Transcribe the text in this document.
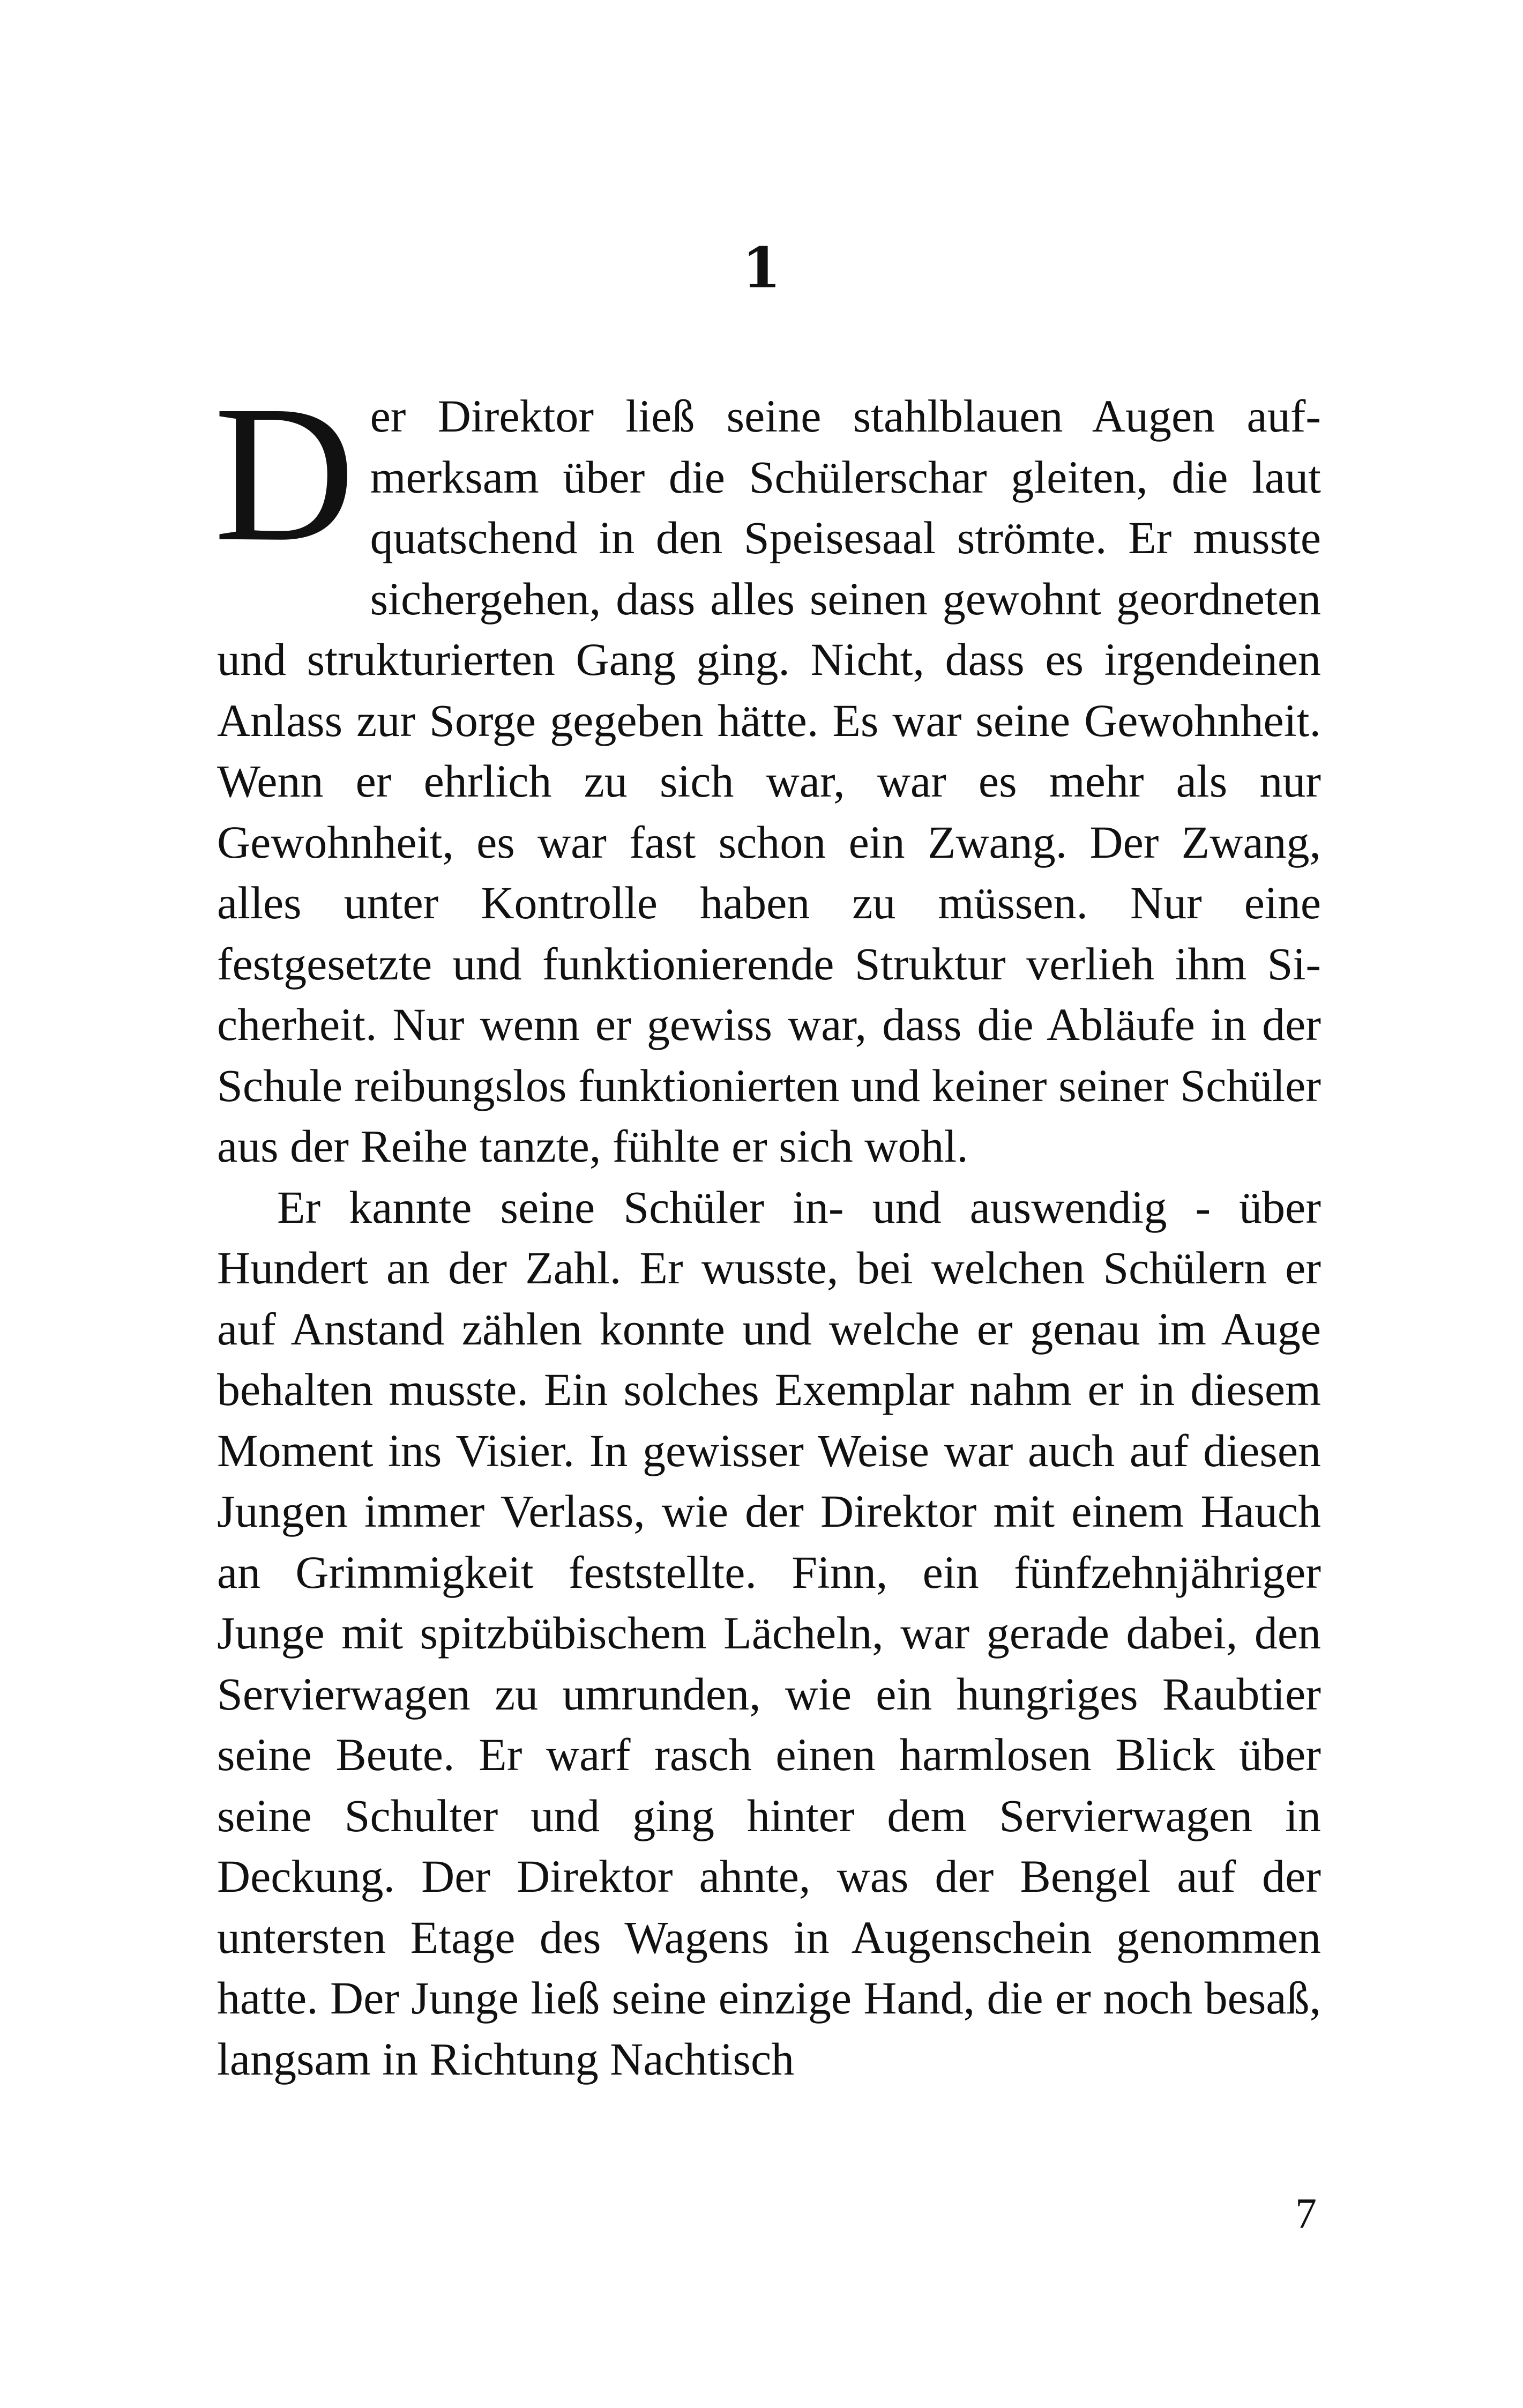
1

Der Direktor ließ seine stahlblauen Augen aufmerksam über die Schülerschar gleiten, die laut quatschend in den Speisesaal strömte. Er musste sichergehen, dass alles seinen gewohnt geordneten und strukturierten Gang ging. Nicht, dass es irgendeinen Anlass zur Sorge gegeben hätte. Es war seine Gewohnheit. Wenn er ehrlich zu sich war, war es mehr als nur Gewohnheit, es war fast schon ein Zwang. Der Zwang, alles unter Kontrolle haben zu müssen. Nur eine festgesetzte und funktionierende Struktur verlieh ihm Sicherheit. Nur wenn er gewiss war, dass die Abläufe in der Schule reibungslos funktionierten und keiner seiner Schüler aus der Reihe tanzte, fühlte er sich wohl.

Er kannte seine Schüler in- und auswendig - über Hundert an der Zahl. Er wusste, bei welchen Schülern er auf Anstand zählen konnte und welche er genau im Auge behalten musste. Ein solches Exemplar nahm er in diesem Moment ins Visier. In gewisser Weise war auch auf diesen Jungen immer Verlass, wie der Direktor mit einem Hauch an Grimmigkeit feststellte. Finn, ein fünfzehnjähriger Junge mit spitzbübischem Lächeln, war gerade dabei, den Servierwagen zu umrunden, wie ein hungriges Raubtier seine Beute. Er warf rasch einen harmlosen Blick über seine Schulter und ging hinter dem Servierwagen in Deckung. Der Direktor ahnte, was der Bengel auf der untersten Etage des Wagens in Augenschein genommen hatte. Der Junge ließ seine einzige Hand, die er noch besaß, langsam in Richtung Nachtisch

7
